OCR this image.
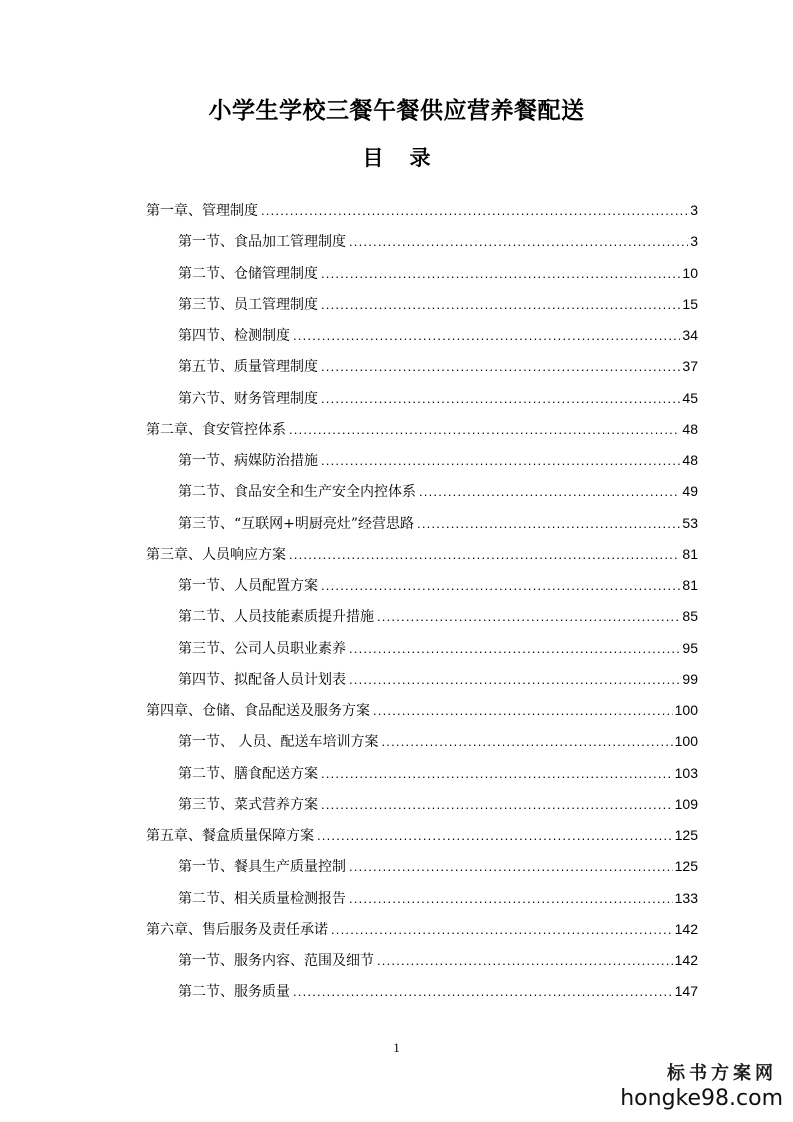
小学生学校三餐午餐供应营养餐配送
目 录
第一章、管理制度 .....	3
第一节、食品加工管理制度 .....	3
第二节、仓储管理制度 .....	10
第三节、员工管理制度 .....	15
第四节、检测制度 .....	34
第五节、质量管理制度 .....	37
第六节、财务管理制度 .....	45
第二章、食安管控体系 .....	48
第一节、病媒防治措施 .....	48
第二节、食品安全和生产安全内控体系 .....	49
第三节、“互联网+明厨亮灶”经营思路 .....	53
第三章、人员响应方案 .....	81
第一节、人员配置方案 .....	81
第二节、人员技能素质提升措施 .....	85
第三节、公司人员职业素养 .....	95
第四节、拟配备人员计划表 .....	99
第四章、仓储、食品配送及服务方案 .....	100
第一节、 人员、配送车培训方案 .....	100
第二节、膳食配送方案 .....	103
第三节、菜式营养方案 .....	109
第五章、餐盒质量保障方案 .....	125
第一节、餐具生产质量控制 .....	125
第二节、相关质量检测报告 .....	133
第六章、售后服务及责任承诺 .....	142
第一节、服务内容、范围及细节 .....	142
第二节、服务质量 .....	147
1
标书方案网
hongke98.com
